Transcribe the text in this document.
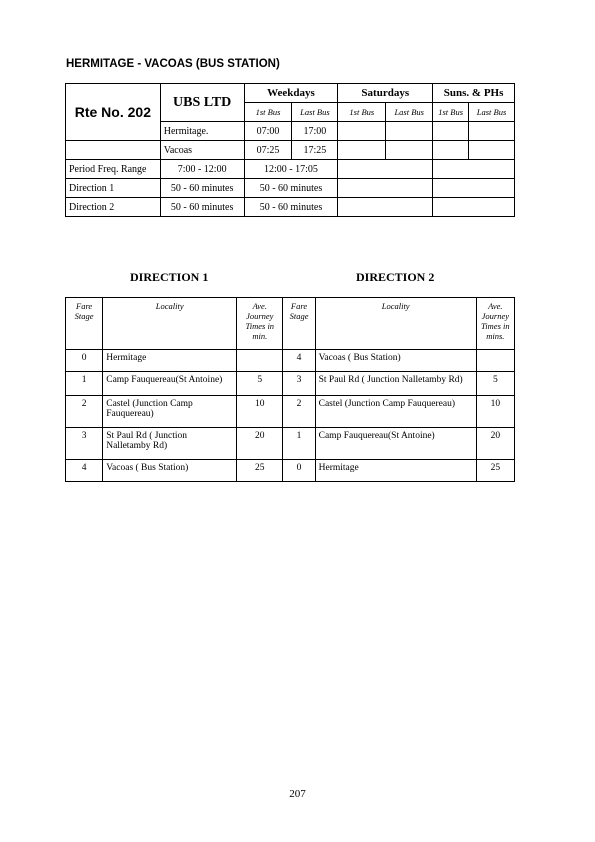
HERMITAGE - VACOAS (BUS STATION)
Rte No. 202	UBS LTD	Weekdays		Saturdays		Suns. & PHs	
		1st Bus	Last Bus	1st Bus	Last Bus	1st Bus	Last Bus
	Hermitage.	07:00	17:00				
	Vacoas	07:25	17:25				
Period Freq. Range	7:00 - 12:00	12:00 - 17:05					
Direction 1	50 - 60 minutes	50 - 60 minutes					
Direction 2	50 - 60 minutes	50 - 60 minutes					
DIRECTION 1	DIRECTION 2
Fare Stage	Locality	Ave. Journey Times in min.	Fare Stage	Locality	Ave. Journey Times in mins.
0	Hermitage		4	Vacoas ( Bus Station)	
1	Camp Fauquereau(St Antoine)	5	3	St Paul Rd ( Junction Nalletamby Rd)	5
2	Castel (Junction Camp Fauquereau)	10	2	Castel (Junction Camp Fauquereau)	10
3	St Paul Rd ( Junction Nalletamby Rd)	20	1	Camp Fauquereau(St Antoine)	20
4	Vacoas ( Bus Station)	25	0	Hermitage	25
207
